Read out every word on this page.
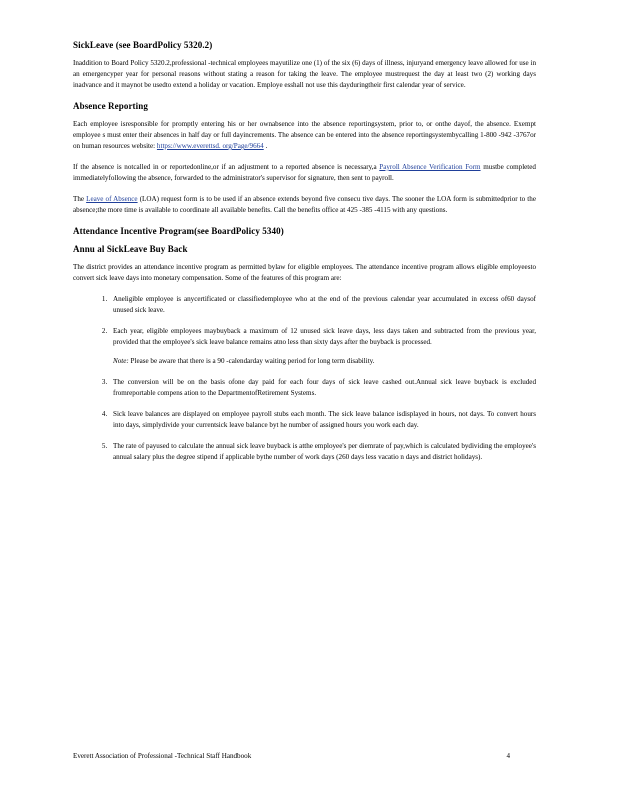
SickLeave (see BoardPolicy 5320.2)

Inaddition to Board Policy 5320.2,professional -technical employees mayutilize one (1) of the six (6) days of illness, injuryand emergency leave allowed for use in an emergencyper year for personal reasons without stating a reason for taking the leave. The employee mustrequest the day at least two (2) working days inadvance and it maynot be usedto extend a holiday or vacation. Employe esshall not use this dayduringtheir first calendar year of service.

Absence Reporting

Each employee isresponsible for promptly entering his or her ownabsence into the absence reportingsystem, prior to, or onthe dayof, the absence. Exempt employee s must enter their absences in half day or full dayincrements. The absence can be entered into the absence reportingsystembycalling 1-800 -942 -3767or on human resources website: https://www.everettsd. org/Page/9664 .

If the absence is notcalled in or reportedonline,or if an adjustment to a reported absence is necessary,a Payroll Absence Verification Form mustbe completed immediatelyfollowing the absence, forwarded to the administrator's supervisor for signature, then sent to payroll.

The Leave of Absence (LOA) request form is to be used if an absence extends beyond five consecu tive days. The sooner the LOA form is submittedprior to the absence;the more time is available to coordinate all available benefits. Call the benefits office at 425 -385 -4115 with any questions.

Attendance Incentive Program(see BoardPolicy 5340)
Annu al SickLeave Buy Back

The district provides an attendance incentive program as permitted bylaw for eligible employees. The attendance incentive program allows eligible employeesto convert sick leave days into monetary compensation. Some of the features of this program are:

1. Aneligible employee is anycertificated or classifiedemployee who at the end of the previous calendar year accumulated in excess of60 daysof unused sick leave.
2. Each year, eligible employees maybuyback a maximum of 12 unused sick leave days, less days taken and subtracted from the previous year, provided that the employee's sick leave balance remains atno less than sixty days after the buyback is processed.

Note: Please be aware that there is a 90 -calendarday waiting period for long term disability.

3. The conversion will be on the basis ofone day paid for each four days of sick leave cashed out.Annual sick leave buyback is excluded fromreportable compens ation to the DepartmentofRetirement Systems.
4. Sick leave balances are displayed on employee payroll stubs each month. The sick leave balance isdisplayed in hours, not days. To convert hours into days, simplydivide your currentsick leave balance byt he number of assigned hours you work each day.
5. The rate of payused to calculate the annual sick leave buyback is atthe employee's per diemrate of pay,which is calculated bydividing the employee's annual salary plus the degree stipend if applicable bythe number of work days (260 days less vacatio n days and district holidays).
Everett Association of Professional -Technical Staff Handbook	4
